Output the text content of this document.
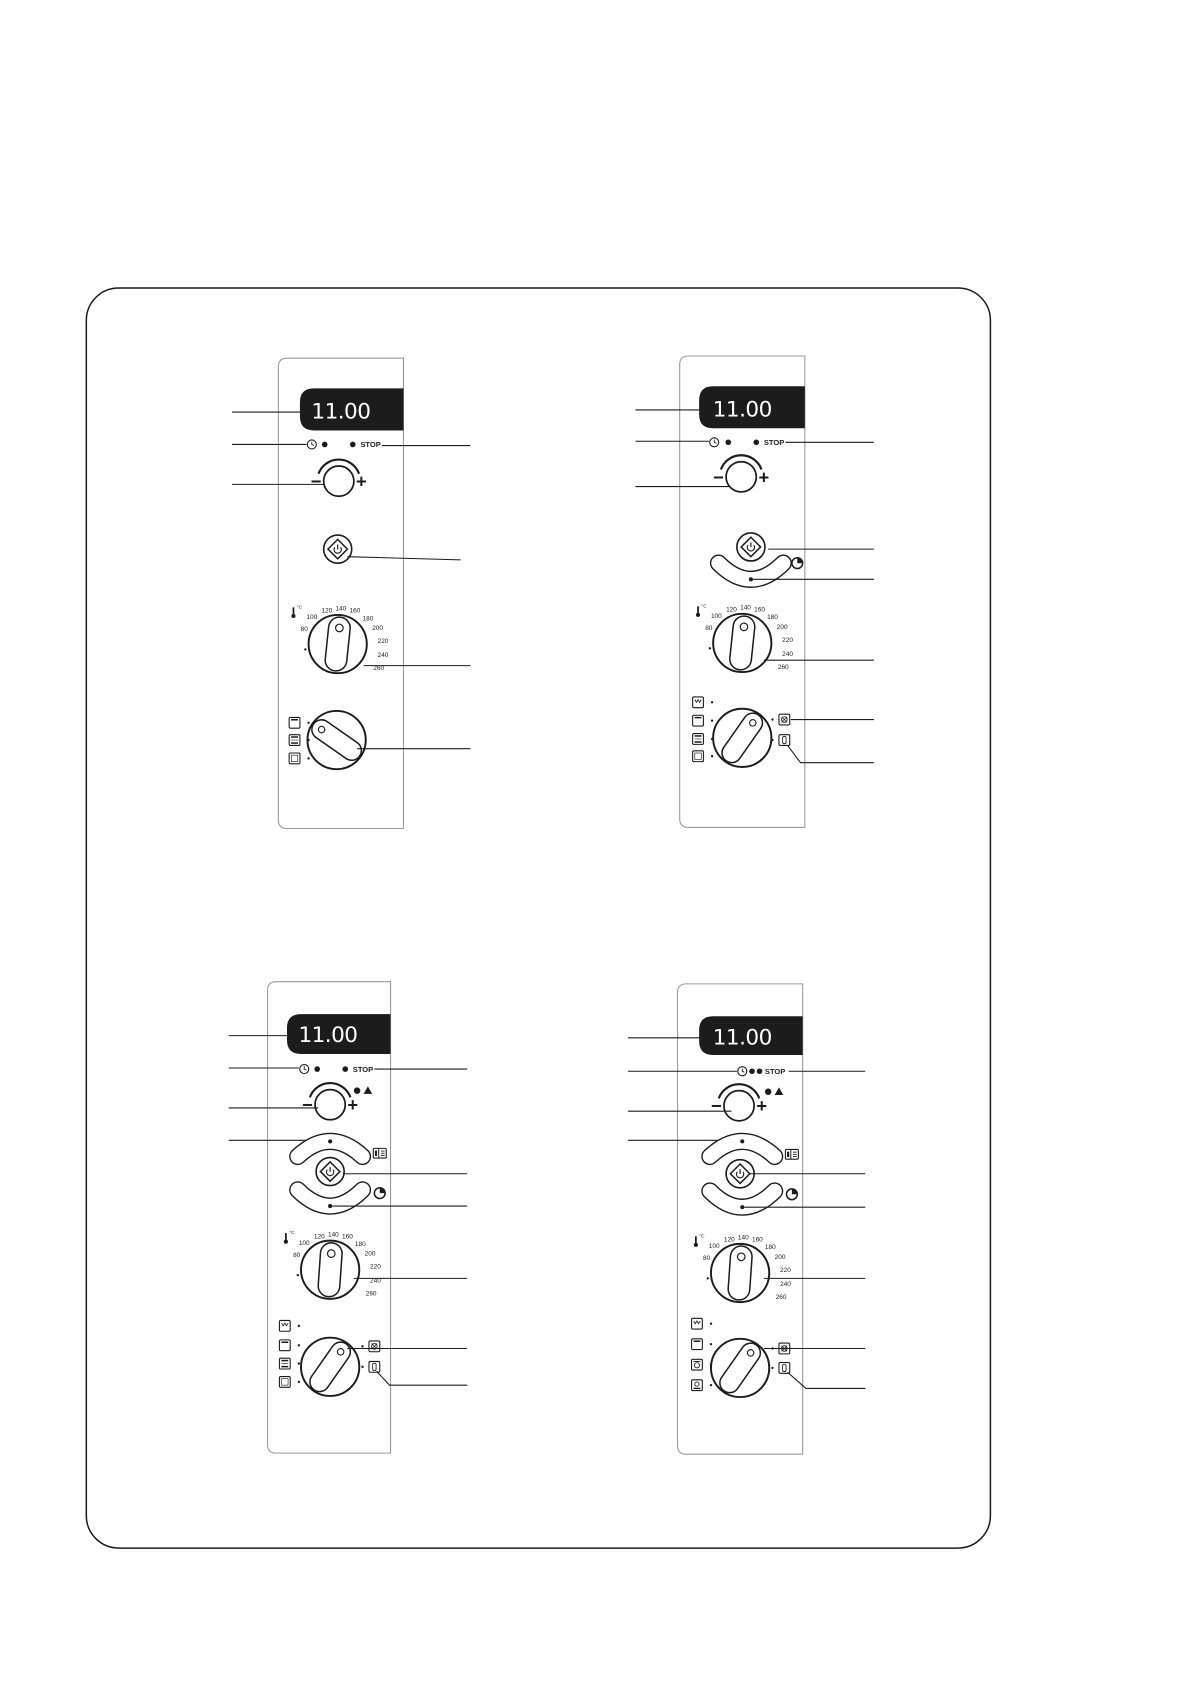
11.00
STOP
− +
°C
80
100
120 140 160
180
200
220
240
260
11.00
STOP
− +
°C
80
100
120 140 160
180
200
220
240
260
11.00
STOP
− +
°C
80
100
120 140 160
180
200
220
240
260
11.00
STOP
− +
°C
80
100
120 140 160
180
200
220
240
260
